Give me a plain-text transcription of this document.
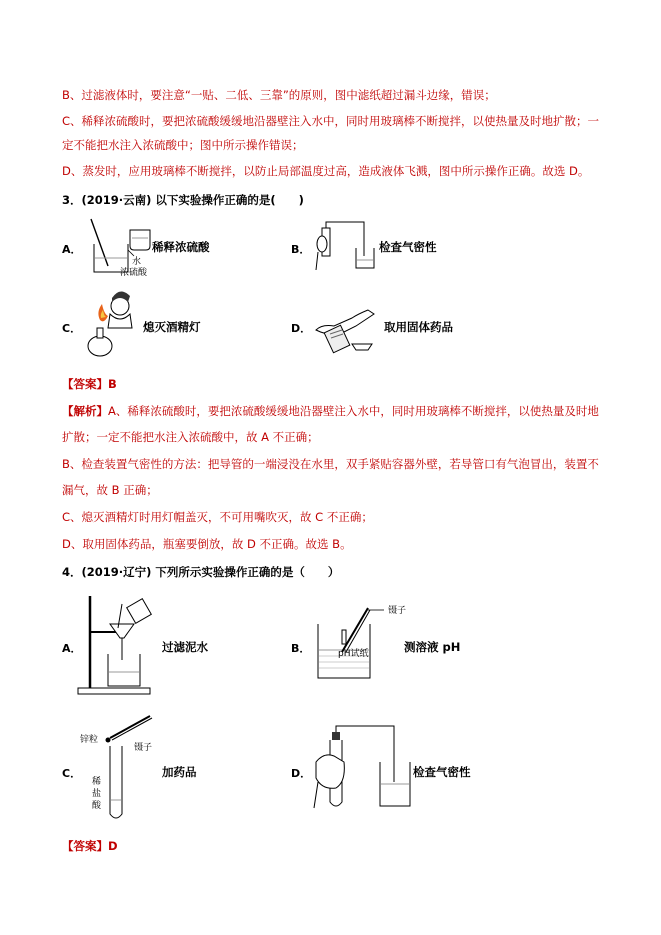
B、过滤液体时，要注意“一贴、二低、三靠”的原则，图中滤纸超过漏斗边缘，错误；
C、稀释浓硫酸时，要把浓硫酸缓缓地沿器壁注入水中，同时用玻璃棒不断搅拌，以使热量及时地扩散；一
定不能把水注入浓硫酸中；图中所示操作错误；
D、蒸发时，应用玻璃棒不断搅拌，以防止局部温度过高，造成液体飞溅，图中所示操作正确。故选 D。
3．(2019·云南) 以下实验操作正确的是(　　)
A．
水
浓硫酸
稀释浓硫酸	B．	检查气密性
C．	熄灭酒精灯	D．	取用固体药品
【答案】B
【解析】A、稀释浓硫酸时，要把浓硫酸缓缓地沿器壁注入水中，同时用玻璃棒不断搅拌，以使热量及时地
扩散；一定不能把水注入浓硫酸中，故 A 不正确；
B、检查装置气密性的方法：把导管的一端浸没在水里，双手紧贴容器外壁，若导管口有气泡冒出，装置不
漏气，故 B 正确；
C、熄灭酒精灯时用灯帽盖灭，不可用嘴吹灭，故 C 不正确；
D、取用固体药品，瓶塞要倒放，故 D 不正确。故选 B。
4．(2019·辽宁) 下列所示实验操作正确的是（　　）
A．	过滤泥水	B．
镊子
pH试纸	测溶液 pH
C．
锌粒
镊子
稀
盐
酸
加药品	D．	检查气密性
【答案】D
